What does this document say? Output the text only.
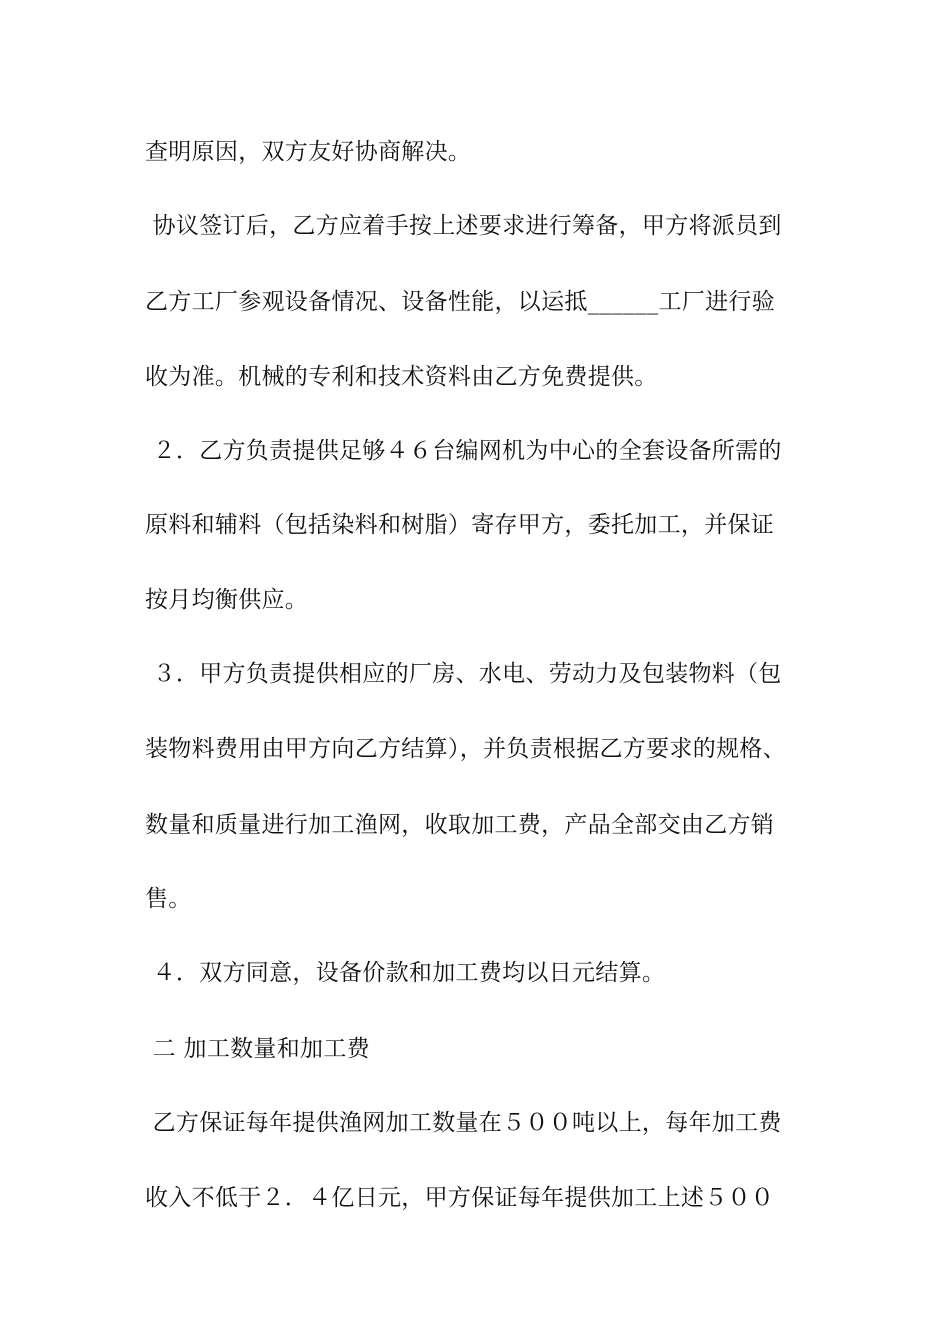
查明原因，双方友好协商解决。
协议签订后，乙方应着手按上述要求进行筹备，甲方将派员到
乙方工厂参观设备情况、设备性能，以运抵______工厂进行验
收为准。机械的专利和技术资料由乙方免费提供。
２．乙方负责提供足够４６台编网机为中心的全套设备所需的
原料和辅料（包括染料和树脂）寄存甲方，委托加工，并保证
按月均衡供应。
３．甲方负责提供相应的厂房、水电、劳动力及包装物料（包
装物料费用由甲方向乙方结算），并负责根据乙方要求的规格、
数量和质量进行加工渔网，收取加工费，产品全部交由乙方销
售。
４．双方同意，设备价款和加工费均以日元结算。
二 加工数量和加工费
乙方保证每年提供渔网加工数量在５００吨以上，每年加工费
收入不低于２．４亿日元，甲方保证每年提供加工上述５００
